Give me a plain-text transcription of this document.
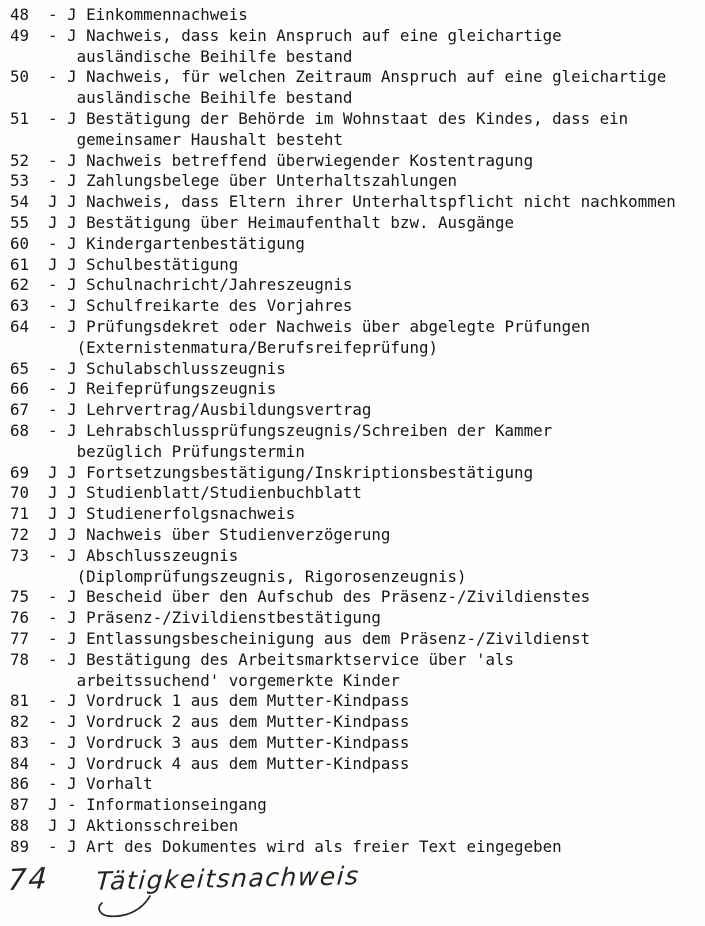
48  - J Einkommennachweis
49  - J Nachweis, dass kein Anspruch auf eine gleichartige
ausländische Beihilfe bestand
50  - J Nachweis, für welchen Zeitraum Anspruch auf eine gleichartige
ausländische Beihilfe bestand
51  - J Bestätigung der Behörde im Wohnstaat des Kindes, dass ein
gemeinsamer Haushalt besteht
52  - J Nachweis betreffend überwiegender Kostentragung
53  - J Zahlungsbelege über Unterhaltszahlungen
54  J J Nachweis, dass Eltern ihrer Unterhaltspflicht nicht nachkommen
55  J J Bestätigung über Heimaufenthalt bzw. Ausgänge
60  - J Kindergartenbestätigung
61  J J Schulbestätigung
62  - J Schulnachricht/Jahreszeugnis
63  - J Schulfreikarte des Vorjahres
64  - J Prüfungsdekret oder Nachweis über abgelegte Prüfungen
(Externistenmatura/Berufsreifeprüfung)
65  - J Schulabschlusszeugnis
66  - J Reifeprüfungszeugnis
67  - J Lehrvertrag/Ausbildungsvertrag
68  - J Lehrabschlussprüfungszeugnis/Schreiben der Kammer
bezüglich Prüfungstermin
69  J J Fortsetzungsbestätigung/Inskriptionsbestätigung
70  J J Studienblatt/Studienbuchblatt
71  J J Studienerfolgsnachweis
72  J J Nachweis über Studienverzögerung
73  - J Abschlusszeugnis
(Diplomprüfungszeugnis, Rigorosenzeugnis)
75  - J Bescheid über den Aufschub des Präsenz-/Zivildienstes
76  - J Präsenz-/Zivildienstbestätigung
77  - J Entlassungsbescheinigung aus dem Präsenz-/Zivildienst
78  - J Bestätigung des Arbeitsmarktservice über 'als
arbeitssuchend' vorgemerkte Kinder
81  - J Vordruck 1 aus dem Mutter-Kindpass
82  - J Vordruck 2 aus dem Mutter-Kindpass
83  - J Vordruck 3 aus dem Mutter-Kindpass
84  - J Vordruck 4 aus dem Mutter-Kindpass
86  - J Vorhalt
87  J - Informationseingang
88  J J Aktionsschreiben
89  - J Art des Dokumentes wird als freier Text eingegeben
74 Tätigkeitsnachweis
